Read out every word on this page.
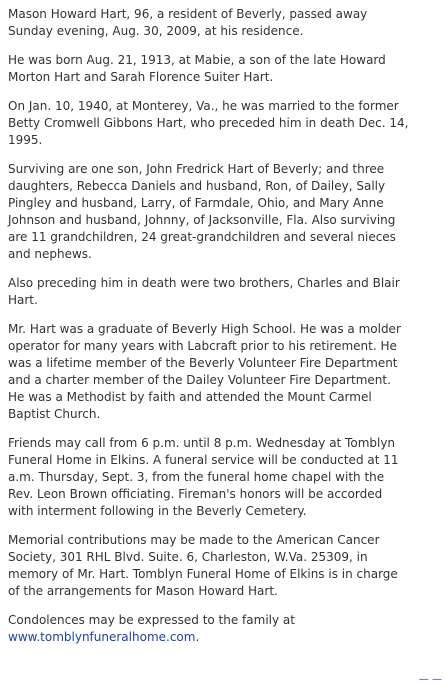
Mason Howard Hart, 96, a resident of Beverly, passed away
Sunday evening, Aug. 30, 2009, at his residence.

He was born Aug. 21, 1913, at Mabie, a son of the late Howard
Morton Hart and Sarah Florence Suiter Hart.

On Jan. 10, 1940, at Monterey, Va., he was married to the former
Betty Cromwell Gibbons Hart, who preceded him in death Dec. 14,
1995.

Surviving are one son, John Fredrick Hart of Beverly; and three
daughters, Rebecca Daniels and husband, Ron, of Dailey, Sally
Pingley and husband, Larry, of Farmdale, Ohio, and Mary Anne
Johnson and husband, Johnny, of Jacksonville, Fla. Also surviving
are 11 grandchildren, 24 great-grandchildren and several nieces
and nephews.

Also preceding him in death were two brothers, Charles and Blair
Hart.

Mr. Hart was a graduate of Beverly High School. He was a molder
operator for many years with Labcraft prior to his retirement. He
was a lifetime member of the Beverly Volunteer Fire Department
and a charter member of the Dailey Volunteer Fire Department.
He was a Methodist by faith and attended the Mount Carmel
Baptist Church.

Friends may call from 6 p.m. until 8 p.m. Wednesday at Tomblyn
Funeral Home in Elkins. A funeral service will be conducted at 11
a.m. Thursday, Sept. 3, from the funeral home chapel with the
Rev. Leon Brown officiating. Fireman's honors will be accorded
with interment following in the Beverly Cemetery.

Memorial contributions may be made to the American Cancer
Society, 301 RHL Blvd. Suite. 6, Charleston, W.Va. 25309, in
memory of Mr. Hart. Tomblyn Funeral Home of Elkins is in charge
of the arrangements for Mason Howard Hart.

Condolences may be expressed to the family at
www.tomblynfuneralhome.com.

— —
